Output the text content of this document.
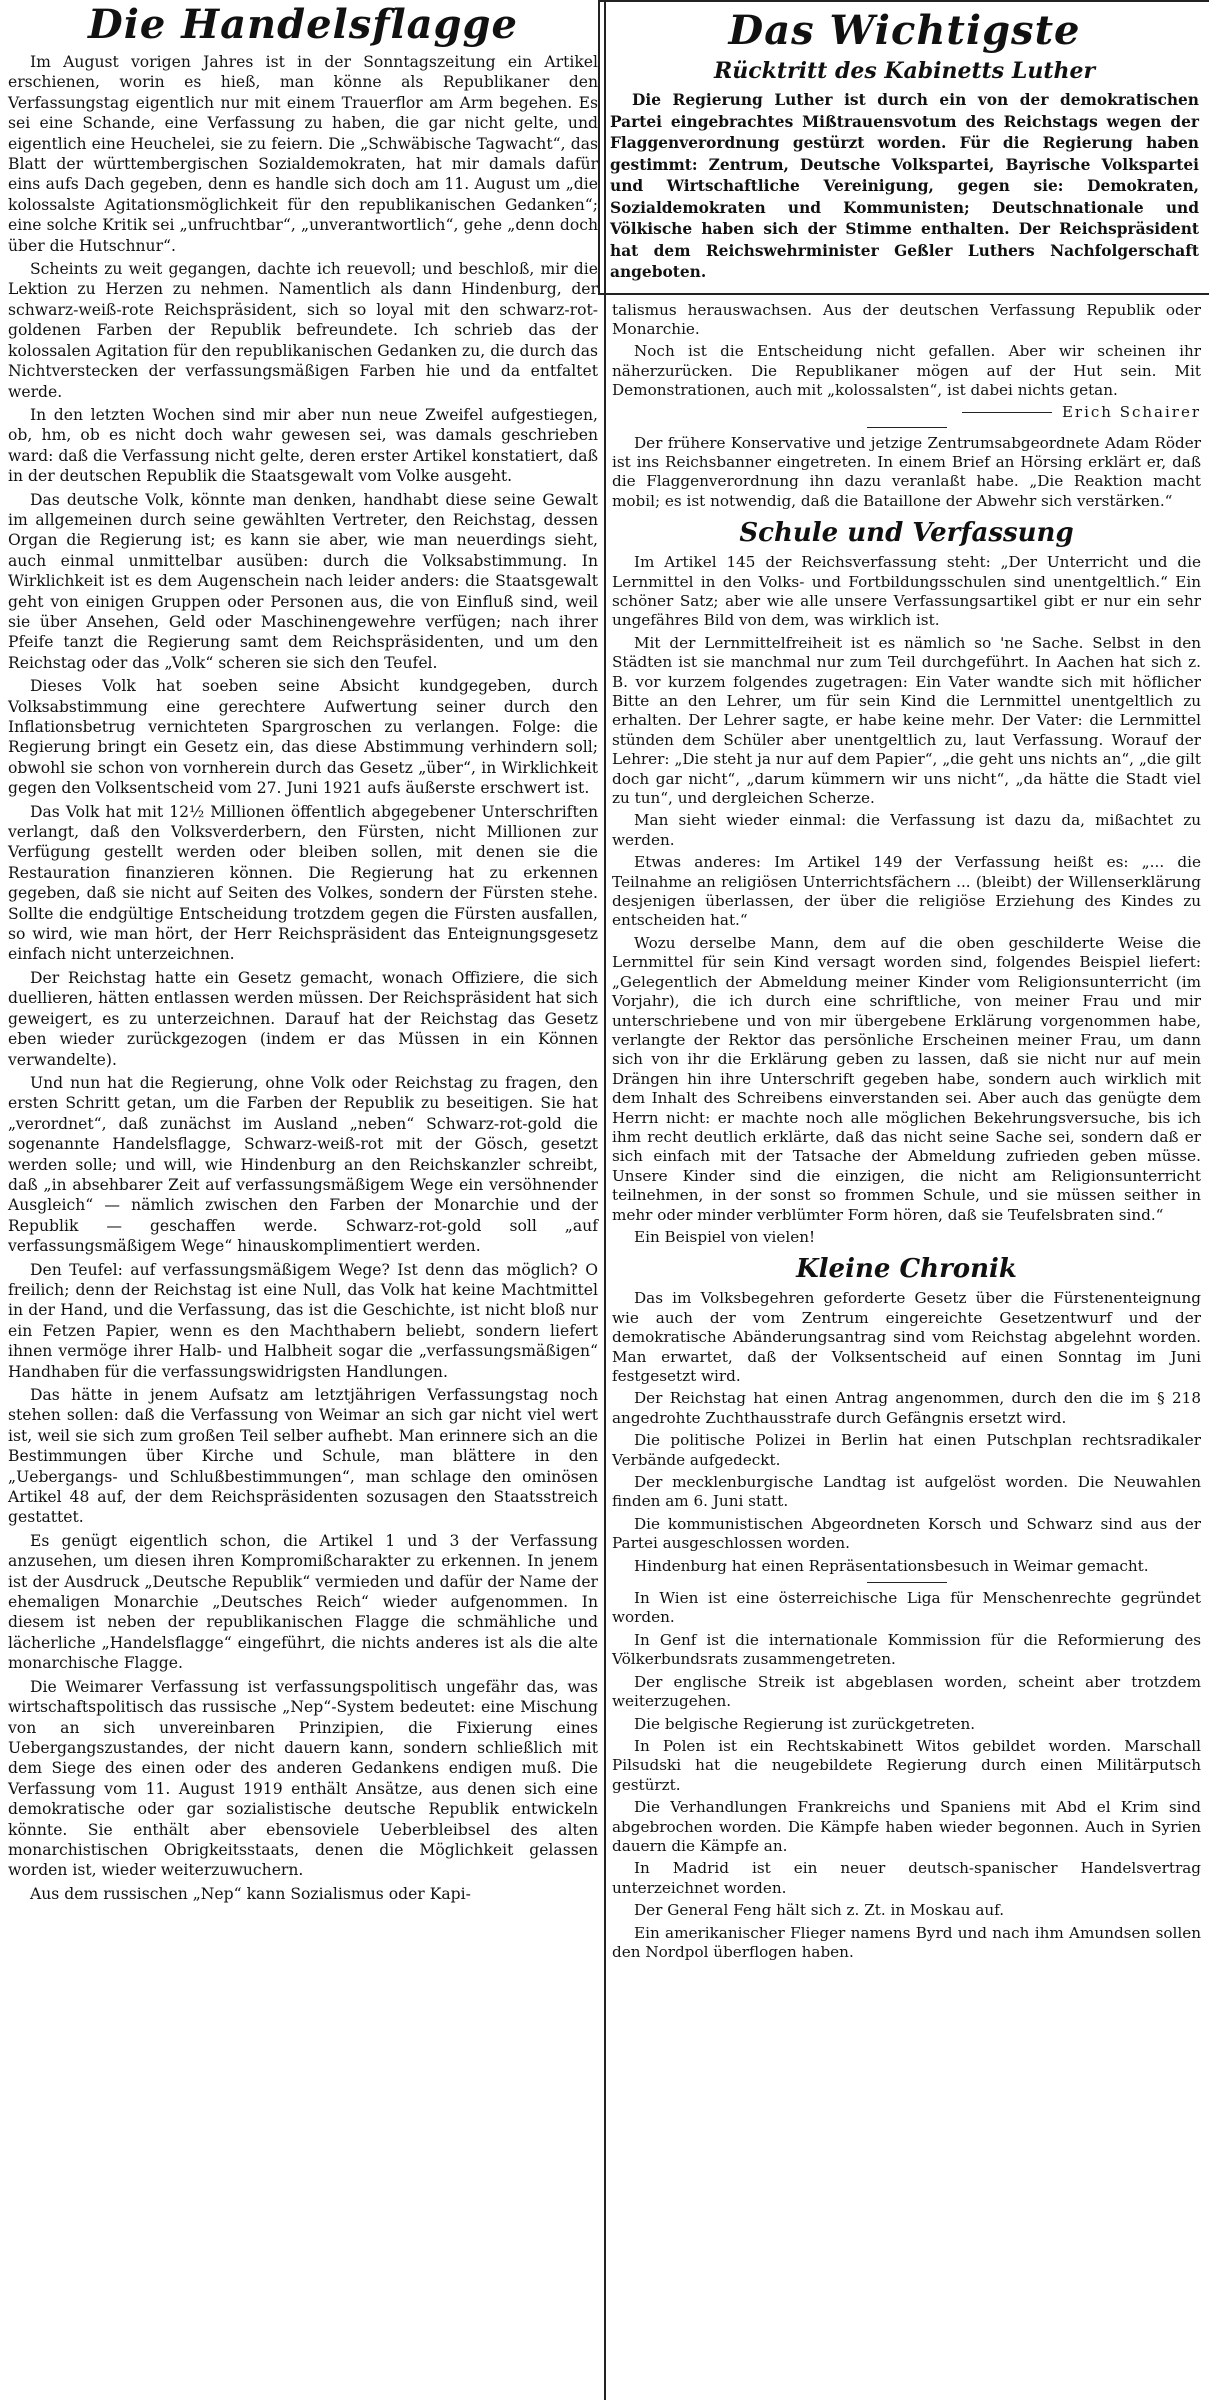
Die Handelsflagge

Im August vorigen Jahres ist in der Sonntagszeitung ein Artikel erschienen, worin es hieß, man könne als Republikaner den Verfassungstag eigentlich nur mit einem Trauerflor am Arm begehen. Es sei eine Schande, eine Verfassung zu haben, die gar nicht gelte, und eigentlich eine Heuchelei, sie zu feiern. Die „Schwäbische Tagwacht“, das Blatt der württembergischen Sozialdemokraten, hat mir damals dafür eins aufs Dach gegeben, denn es handle sich doch am 11. August um „die kolossalste Agitationsmöglichkeit für den republikanischen Gedanken“; eine solche Kritik sei „unfruchtbar“, „unverantwortlich“, gehe „denn doch über die Hutschnur“.

Scheints zu weit gegangen, dachte ich reuevoll; und beschloß, mir die Lektion zu Herzen zu nehmen. Namentlich als dann Hindenburg, der schwarz-weiß-rote Reichspräsident, sich so loyal mit den schwarz-rot-goldenen Farben der Republik befreundete. Ich schrieb das der kolossalen Agitation für den republikanischen Gedanken zu, die durch das Nichtverstecken der verfassungsmäßigen Farben hie und da entfaltet werde.

In den letzten Wochen sind mir aber nun neue Zweifel aufgestiegen, ob, hm, ob es nicht doch wahr gewesen sei, was damals geschrieben ward: daß die Verfassung nicht gelte, deren erster Artikel konstatiert, daß in der deutschen Republik die Staatsgewalt vom Volke ausgeht.

Das deutsche Volk, könnte man denken, handhabt diese seine Gewalt im allgemeinen durch seine gewählten Vertreter, den Reichstag, dessen Organ die Regierung ist; es kann sie aber, wie man neuerdings sieht, auch einmal unmittelbar ausüben: durch die Volksabstimmung. In Wirklichkeit ist es dem Augenschein nach leider anders: die Staatsgewalt geht von einigen Gruppen oder Personen aus, die von Einfluß sind, weil sie über Ansehen, Geld oder Maschinengewehre verfügen; nach ihrer Pfeife tanzt die Regierung samt dem Reichspräsidenten, und um den Reichstag oder das „Volk“ scheren sie sich den Teufel.

Dieses Volk hat soeben seine Absicht kundgegeben, durch Volksabstimmung eine gerechtere Aufwertung seiner durch den Inflationsbetrug vernichteten Spargroschen zu verlangen. Folge: die Regierung bringt ein Gesetz ein, das diese Abstimmung verhindern soll; obwohl sie schon von vornherein durch das Gesetz „über“, in Wirklichkeit gegen den Volksentscheid vom 27. Juni 1921 aufs äußerste erschwert ist.

Das Volk hat mit 12½ Millionen öffentlich abgegebener Unterschriften verlangt, daß den Volksverderbern, den Fürsten, nicht Millionen zur Verfügung gestellt werden oder bleiben sollen, mit denen sie die Restauration finanzieren können. Die Regierung hat zu erkennen gegeben, daß sie nicht auf Seiten des Volkes, sondern der Fürsten stehe. Sollte die endgültige Entscheidung trotzdem gegen die Fürsten ausfallen, so wird, wie man hört, der Herr Reichspräsident das Enteignungsgesetz einfach nicht unterzeichnen.

Der Reichstag hatte ein Gesetz gemacht, wonach Offiziere, die sich duellieren, hätten entlassen werden müssen. Der Reichspräsident hat sich geweigert, es zu unterzeichnen. Darauf hat der Reichstag das Gesetz eben wieder zurückgezogen (indem er das Müssen in ein Können verwandelte).

Und nun hat die Regierung, ohne Volk oder Reichstag zu fragen, den ersten Schritt getan, um die Farben der Republik zu beseitigen. Sie hat „verordnet“, daß zunächst im Ausland „neben“ Schwarz-rot-gold die sogenannte Handelsflagge, Schwarz-weiß-rot mit der Gösch, gesetzt werden solle; und will, wie Hindenburg an den Reichskanzler schreibt, daß „in absehbarer Zeit auf verfassungsmäßigem Wege ein versöhnender Ausgleich“ — nämlich zwischen den Farben der Monarchie und der Republik — geschaffen werde. Schwarz-rot-gold soll „auf verfassungsmäßigem Wege“ hinauskomplimentiert werden.

Den Teufel: auf verfassungsmäßigem Wege? Ist denn das möglich? O freilich; denn der Reichstag ist eine Null, das Volk hat keine Machtmittel in der Hand, und die Verfassung, das ist die Geschichte, ist nicht bloß nur ein Fetzen Papier, wenn es den Machthabern beliebt, sondern liefert ihnen vermöge ihrer Halb- und Halbheit sogar die „verfassungsmäßigen“ Handhaben für die verfassungswidrigsten Handlungen.

Das hätte in jenem Aufsatz am letztjährigen Verfassungstag noch stehen sollen: daß die Verfassung von Weimar an sich gar nicht viel wert ist, weil sie sich zum großen Teil selber aufhebt. Man erinnere sich an die Bestimmungen über Kirche und Schule, man blättere in den „Uebergangs- und Schlußbestimmungen“, man schlage den ominösen Artikel 48 auf, der dem Reichspräsidenten sozusagen den Staatsstreich gestattet.

Es genügt eigentlich schon, die Artikel 1 und 3 der Verfassung anzusehen, um diesen ihren Kompromißcharakter zu erkennen. In jenem ist der Ausdruck „Deutsche Republik“ vermieden und dafür der Name der ehemaligen Monarchie „Deutsches Reich“ wieder aufgenommen. In diesem ist neben der republikanischen Flagge die schmähliche und lächerliche „Handelsflagge“ eingeführt, die nichts anderes ist als die alte monarchische Flagge.

Die Weimarer Verfassung ist verfassungspolitisch ungefähr das, was wirtschaftspolitisch das russische „Nep“-System bedeutet: eine Mischung von an sich unvereinbaren Prinzipien, die Fixierung eines Uebergangszustandes, der nicht dauern kann, sondern schließlich mit dem Siege des einen oder des anderen Gedankens endigen muß. Die Verfassung vom 11. August 1919 enthält Ansätze, aus denen sich eine demokratische oder gar sozialistische deutsche Republik entwickeln könnte. Sie enthält aber ebensoviele Ueberbleibsel des alten monarchistischen Obrigkeitsstaats, denen die Möglichkeit gelassen worden ist, wieder weiterzuwuchern.

Aus dem russischen „Nep“ kann Sozialismus oder Kapi-

Das Wichtigste
Rücktritt des Kabinetts Luther

Die Regierung Luther ist durch ein von der demokratischen Partei eingebrachtes Mißtrauensvotum des Reichstags wegen der Flaggenverordnung gestürzt worden. Für die Regierung haben gestimmt: Zentrum, Deutsche Volkspartei, Bayrische Volkspartei und Wirtschaftliche Vereinigung, gegen sie: Demokraten, Sozialdemokraten und Kommunisten; Deutschnationale und Völkische haben sich der Stimme enthalten. Der Reichspräsident hat dem Reichswehrminister Geßler Luthers Nachfolgerschaft angeboten.

talismus herauswachsen. Aus der deutschen Verfassung Republik oder Monarchie.

Noch ist die Entscheidung nicht gefallen. Aber wir scheinen ihr näherzurücken. Die Republikaner mögen auf der Hut sein. Mit Demonstrationen, auch mit „kolossalsten“, ist dabei nichts getan.

Erich Schairer

Der frühere Konservative und jetzige Zentrumsabgeordnete Adam Röder ist ins Reichsbanner eingetreten. In einem Brief an Hörsing erklärt er, daß die Flaggenverordnung ihn dazu veranlaßt habe. „Die Reaktion macht mobil; es ist notwendig, daß die Bataillone der Abwehr sich verstärken.“

Schule und Verfassung

Im Artikel 145 der Reichsverfassung steht: „Der Unterricht und die Lernmittel in den Volks- und Fortbildungsschulen sind unentgeltlich.“ Ein schöner Satz; aber wie alle unsere Verfassungsartikel gibt er nur ein sehr ungefähres Bild von dem, was wirklich ist.

Mit der Lernmittelfreiheit ist es nämlich so 'ne Sache. Selbst in den Städten ist sie manchmal nur zum Teil durchgeführt. In Aachen hat sich z. B. vor kurzem folgendes zugetragen: Ein Vater wandte sich mit höflicher Bitte an den Lehrer, um für sein Kind die Lernmittel unentgeltlich zu erhalten. Der Lehrer sagte, er habe keine mehr. Der Vater: die Lernmittel stünden dem Schüler aber unentgeltlich zu, laut Verfassung. Worauf der Lehrer: „Die steht ja nur auf dem Papier“, „die geht uns nichts an“, „die gilt doch gar nicht“, „darum kümmern wir uns nicht“, „da hätte die Stadt viel zu tun“, und dergleichen Scherze.

Man sieht wieder einmal: die Verfassung ist dazu da, mißachtet zu werden.

Etwas anderes: Im Artikel 149 der Verfassung heißt es: „... die Teilnahme an religiösen Unterrichtsfächern ... (bleibt) der Willenserklärung desjenigen überlassen, der über die religiöse Erziehung des Kindes zu entscheiden hat.“

Wozu derselbe Mann, dem auf die oben geschilderte Weise die Lernmittel für sein Kind versagt worden sind, folgendes Beispiel liefert: „Gelegentlich der Abmeldung meiner Kinder vom Religionsunterricht (im Vorjahr), die ich durch eine schriftliche, von meiner Frau und mir unterschriebene und von mir übergebene Erklärung vorgenommen habe, verlangte der Rektor das persönliche Erscheinen meiner Frau, um dann sich von ihr die Erklärung geben zu lassen, daß sie nicht nur auf mein Drängen hin ihre Unterschrift gegeben habe, sondern auch wirklich mit dem Inhalt des Schreibens einverstanden sei. Aber auch das genügte dem Herrn nicht: er machte noch alle möglichen Bekehrungsversuche, bis ich ihm recht deutlich erklärte, daß das nicht seine Sache sei, sondern daß er sich einfach mit der Tatsache der Abmeldung zufrieden geben müsse. Unsere Kinder sind die einzigen, die nicht am Religionsunterricht teilnehmen, in der sonst so frommen Schule, und sie müssen seither in mehr oder minder verblümter Form hören, daß sie Teufelsbraten sind.“

Ein Beispiel von vielen!

Kleine Chronik

Das im Volksbegehren geforderte Gesetz über die Fürstenenteignung wie auch der vom Zentrum eingereichte Gesetzentwurf und der demokratische Abänderungsantrag sind vom Reichstag abgelehnt worden. Man erwartet, daß der Volksentscheid auf einen Sonntag im Juni festgesetzt wird.

Der Reichstag hat einen Antrag angenommen, durch den die im § 218 angedrohte Zuchthausstrafe durch Gefängnis ersetzt wird.

Die politische Polizei in Berlin hat einen Putschplan rechtsradikaler Verbände aufgedeckt.

Der mecklenburgische Landtag ist aufgelöst worden. Die Neuwahlen finden am 6. Juni statt.

Die kommunistischen Abgeordneten Korsch und Schwarz sind aus der Partei ausgeschlossen worden.

Hindenburg hat einen Repräsentationsbesuch in Weimar gemacht.

In Wien ist eine österreichische Liga für Menschenrechte gegründet worden.

In Genf ist die internationale Kommission für die Reformierung des Völkerbundsrats zusammengetreten.

Der englische Streik ist abgeblasen worden, scheint aber trotzdem weiterzugehen.

Die belgische Regierung ist zurückgetreten.

In Polen ist ein Rechtskabinett Witos gebildet worden. Marschall Pilsudski hat die neugebildete Regierung durch einen Militärputsch gestürzt.

Die Verhandlungen Frankreichs und Spaniens mit Abd el Krim sind abgebrochen worden. Die Kämpfe haben wieder begonnen. Auch in Syrien dauern die Kämpfe an.

In Madrid ist ein neuer deutsch-spanischer Handelsvertrag unterzeichnet worden.

Der General Feng hält sich z. Zt. in Moskau auf.

Ein amerikanischer Flieger namens Byrd und nach ihm Amundsen sollen den Nordpol überflogen haben.
